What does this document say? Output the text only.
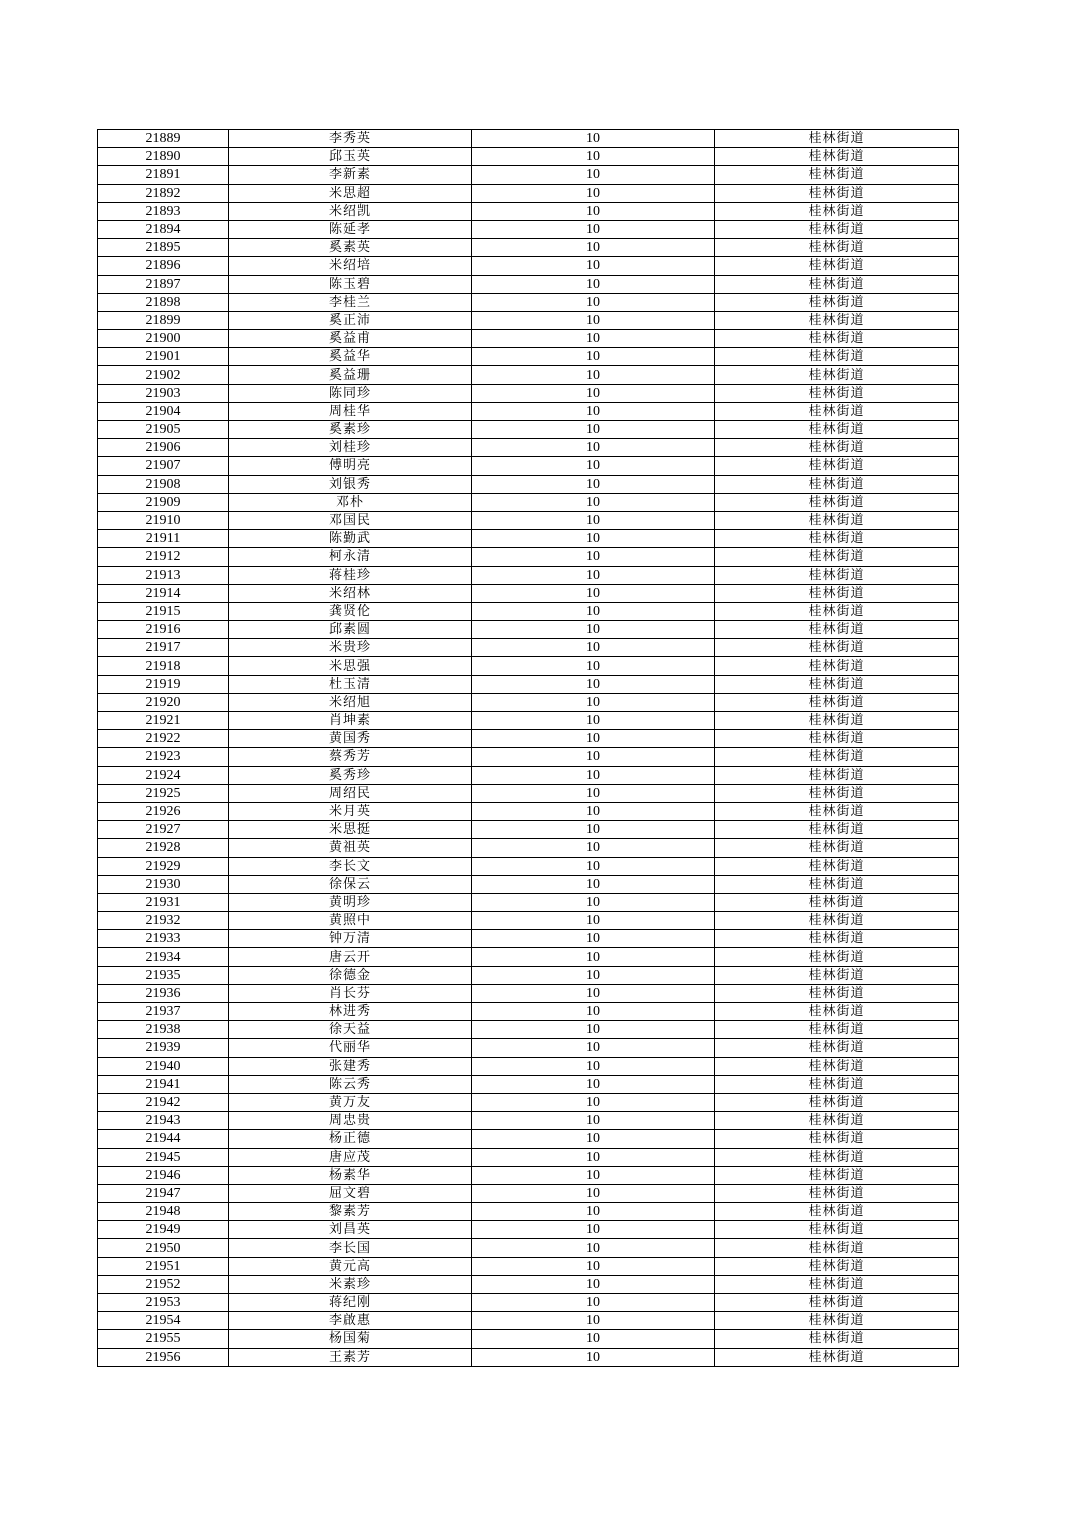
21889	李秀英	10	桂林街道
21890	邱玉英	10	桂林街道
21891	李新素	10	桂林街道
21892	米思超	10	桂林街道
21893	米绍凯	10	桂林街道
21894	陈延孝	10	桂林街道
21895	奚素英	10	桂林街道
21896	米绍培	10	桂林街道
21897	陈玉碧	10	桂林街道
21898	李桂兰	10	桂林街道
21899	奚正沛	10	桂林街道
21900	奚益甫	10	桂林街道
21901	奚益华	10	桂林街道
21902	奚益珊	10	桂林街道
21903	陈同珍	10	桂林街道
21904	周桂华	10	桂林街道
21905	奚素珍	10	桂林街道
21906	刘桂珍	10	桂林街道
21907	傅明亮	10	桂林街道
21908	刘银秀	10	桂林街道
21909	邓朴	10	桂林街道
21910	邓国民	10	桂林街道
21911	陈勤武	10	桂林街道
21912	柯永清	10	桂林街道
21913	蒋桂珍	10	桂林街道
21914	米绍林	10	桂林街道
21915	龚贤伦	10	桂林街道
21916	邱素圆	10	桂林街道
21917	米贵珍	10	桂林街道
21918	米思强	10	桂林街道
21919	杜玉清	10	桂林街道
21920	米绍旭	10	桂林街道
21921	肖坤素	10	桂林街道
21922	黄国秀	10	桂林街道
21923	蔡秀芳	10	桂林街道
21924	奚秀珍	10	桂林街道
21925	周绍民	10	桂林街道
21926	米月英	10	桂林街道
21927	米思挺	10	桂林街道
21928	黄祖英	10	桂林街道
21929	李长文	10	桂林街道
21930	徐保云	10	桂林街道
21931	黄明珍	10	桂林街道
21932	黄照中	10	桂林街道
21933	钟万清	10	桂林街道
21934	唐云开	10	桂林街道
21935	徐德金	10	桂林街道
21936	肖长芬	10	桂林街道
21937	林进秀	10	桂林街道
21938	徐天益	10	桂林街道
21939	代丽华	10	桂林街道
21940	张建秀	10	桂林街道
21941	陈云秀	10	桂林街道
21942	黄万友	10	桂林街道
21943	周忠贵	10	桂林街道
21944	杨正德	10	桂林街道
21945	唐应茂	10	桂林街道
21946	杨素华	10	桂林街道
21947	屈文碧	10	桂林街道
21948	黎素芳	10	桂林街道
21949	刘昌英	10	桂林街道
21950	李长国	10	桂林街道
21951	黄元高	10	桂林街道
21952	米素珍	10	桂林街道
21953	蒋纪刚	10	桂林街道
21954	李啟惠	10	桂林街道
21955	杨国菊	10	桂林街道
21956	王素芳	10	桂林街道
